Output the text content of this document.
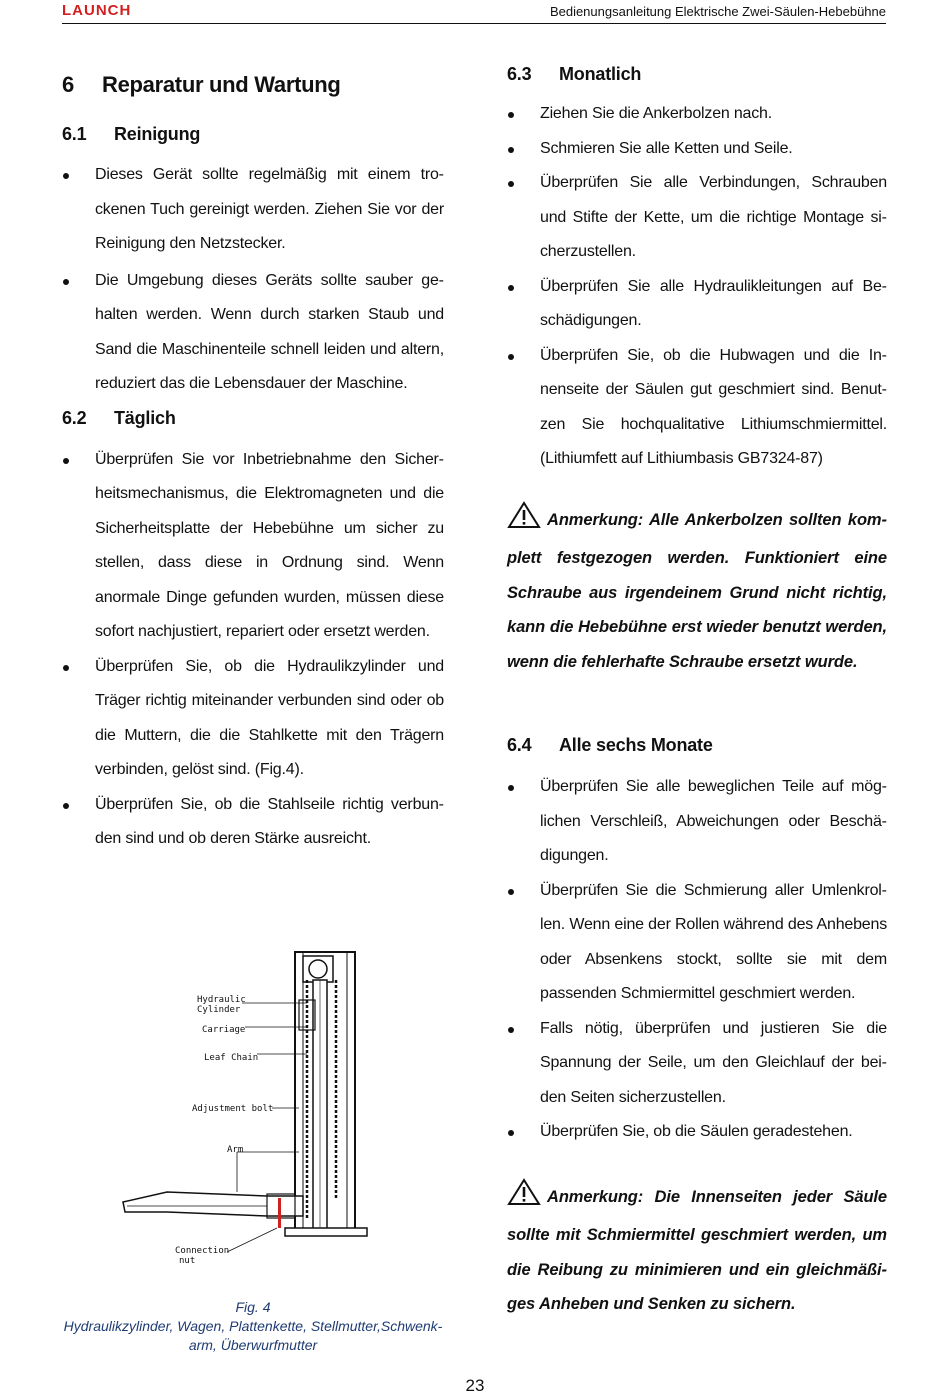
LAUNCH	Bedienungsanleitung Elektrische Zwei-Säulen-Hebebühne
6 Reparatur und Wartung
6.1 Reinigung
Dieses Gerät sollte regelmäßig mit einem trockenen Tuch gereinigt werden. Ziehen Sie vor der Reinigung den Netzstecker.
Die Umgebung dieses Geräts sollte sauber gehalten werden. Wenn durch starken Staub und Sand die Maschinenteile schnell leiden und altern, reduziert das die Lebensdauer der Maschine.
6.2 Täglich
Überprüfen Sie vor Inbetriebnahme den Sicherheitsmechanismus, die Elektromagneten und die Sicherheitsplatte der Hebebühne um sicher zu stellen, dass diese in Ordnung sind. Wenn anormale Dinge gefunden wurden, müssen diese sofort nachjustiert, repariert oder ersetzt werden.
Überprüfen Sie, ob die Hydraulikzylinder und Träger richtig miteinander verbunden sind oder ob die Muttern, die die Stahlkette mit den Trägern verbinden, gelöst sind. (Fig.4).
Überprüfen Sie, ob die Stahlseile richtig verbunden sind und ob deren Stärke ausreicht.
Hydraulic
Cylinder
Carriage
Leaf Chain
Adjustment bolt
Arm
Connection
nut
Fig. 4
Hydraulikzylinder, Wagen, Plattenkette, Stellmutter,Schwenk-
arm, Überwurfmutter
6.3 Monatlich
Ziehen Sie die Ankerbolzen nach.
Schmieren Sie alle Ketten und Seile.
Überprüfen Sie alle Verbindungen, Schrauben und Stifte der Kette, um die richtige Montage sicherzustellen.
Überprüfen Sie alle Hydraulikleitungen auf Beschädigungen.
Überprüfen Sie, ob die Hubwagen und die Innenseite der Säulen gut geschmiert sind. Benutzen Sie hochqualitative Lithiumschmiermittel. (Lithiumfett auf Lithiumbasis GB7324-87)
Anmerkung: Alle Ankerbolzen sollten komplett festgezogen werden. Funktioniert eine Schraube aus irgendeinem Grund nicht richtig, kann die Hebebühne erst wieder benutzt werden, wenn die fehlerhafte Schraube ersetzt wurde.
6.4 Alle sechs Monate
Überprüfen Sie alle beweglichen Teile auf möglichen Verschleiß, Abweichungen oder Beschädigungen.
Überprüfen Sie die Schmierung aller Umlenkrollen. Wenn eine der Rollen während des Anhebens oder Absenkens stockt, sollte sie mit dem passenden Schmiermittel geschmiert werden.
Falls nötig, überprüfen und justieren Sie die Spannung der Seile, um den Gleichlauf der beiden Seiten sicherzustellen.
Überprüfen Sie, ob die Säulen geradestehen.
Anmerkung: Die Innenseiten jeder Säule sollte mit Schmiermittel geschmiert werden, um die Reibung zu minimieren und ein gleichmäßiges Anheben und Senken zu sichern.
23
